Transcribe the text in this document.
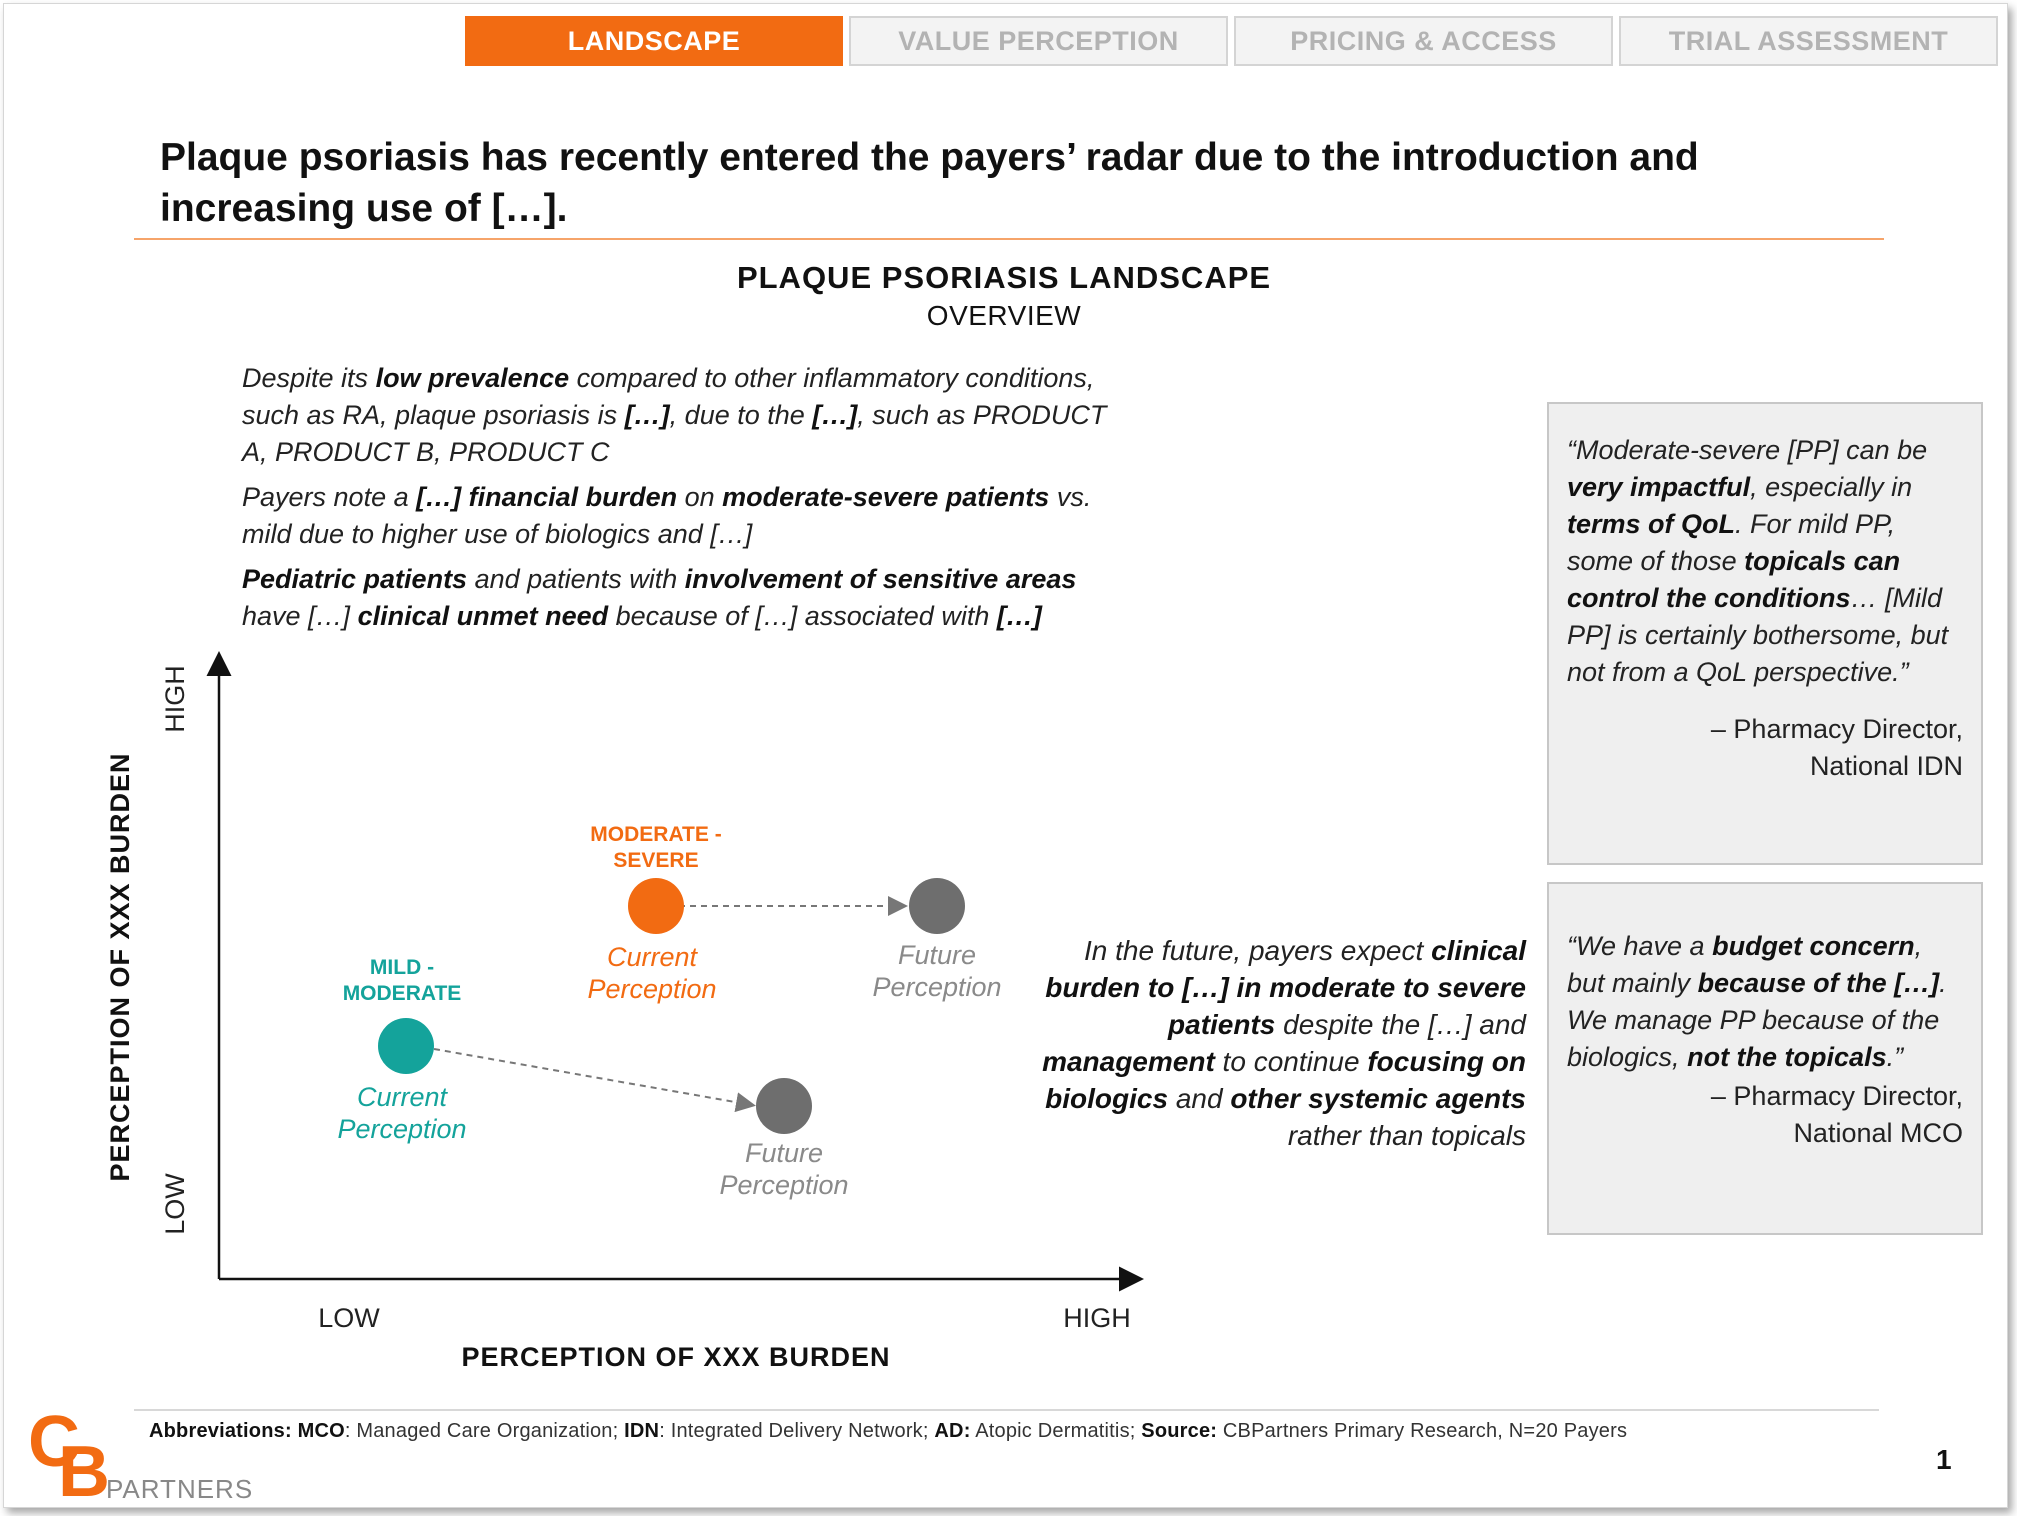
LANDSCAPE	VALUE PERCEPTION	PRICING & ACCESS	TRIAL ASSESSMENT
Plaque psoriasis has recently entered the payers’ radar due to the introduction and increasing use of […].
PLAQUE PSORIASIS LANDSCAPE
OVERVIEW

Despite its low prevalence compared to other inflammatory conditions, such as RA, plaque psoriasis is […], due to the […], such as PRODUCT A, PRODUCT B, PRODUCT C

Payers note a […] financial burden on moderate-severe patients vs. mild due to higher use of biologics and […]

Pediatric patients and patients with involvement of sensitive areas have […] clinical unmet need because of […] associated with […]

PERCEPTION OF XXX BURDEN
HIGH
LOW
LOW	HIGH
PERCEPTION OF XXX BURDEN
MODERATE -
SEVERE
Current
Perception
Future
Perception
MILD -
MODERATE
Current
Perception
Future
Perception
In the future, payers expect clinical burden to […] in moderate to severe patients despite the […] and management to continue focusing on biologics and other systemic agents rather than topicals
“Moderate-severe [PP] can be very impactful, especially in terms of QoL. For mild PP, some of those topicals can control the conditions… [Mild PP] is certainly bothersome, but not from a QoL perspective.”
– Pharmacy Director,
National IDN
“We have a budget concern, but mainly because of the […]. We manage PP because of the biologics, not the topicals.”
– Pharmacy Director,
National MCO
Abbreviations: MCO: Managed Care Organization; IDN: Integrated Delivery Network; AD: Atopic Dermatitis; Source: CBPartners Primary Research, N=20 Payers
C
B
PARTNERS
1
